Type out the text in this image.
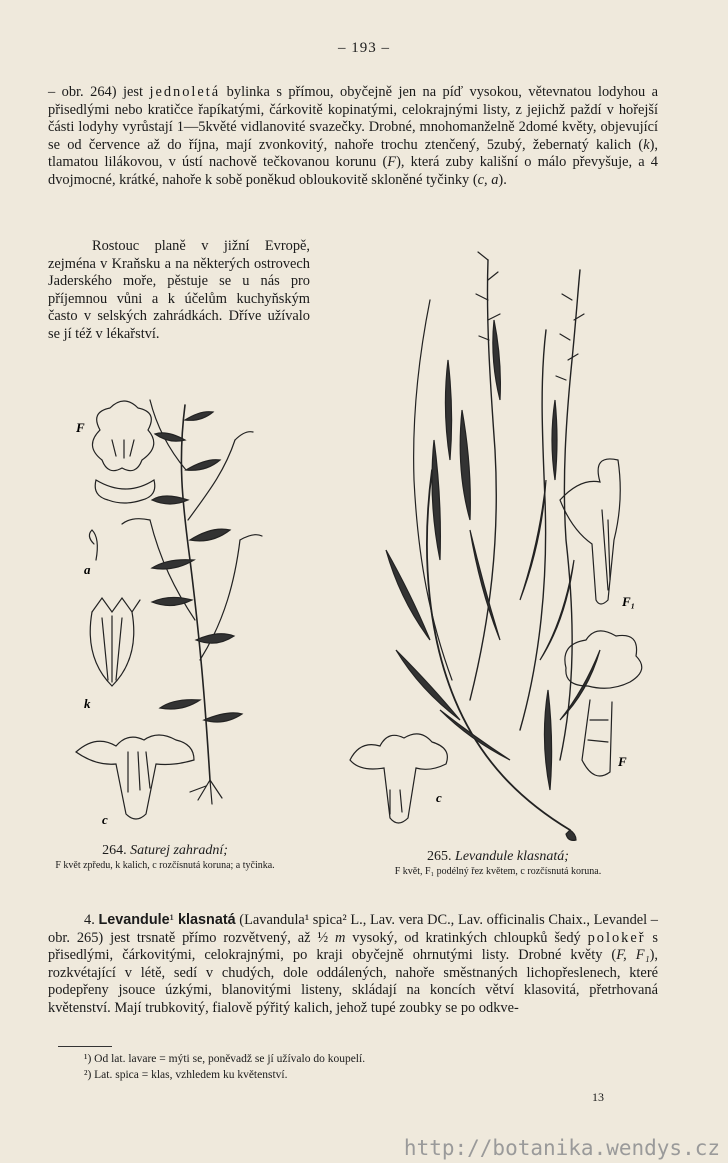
– 193 –
– obr. 264) jest jednoletá bylinka s přímou, obyčejně jen na píď vysokou, větevnatou lodyhou a přisedlými nebo kratičce řapíkatými, čárkovitě kopinatými, celokrajnými listy, z jejichž paždí v hořejší části lodyhy vyrůstají 1—5květé vidlanovité svazečky. Drobné, mnohomanželně 2domé květy, objevující se od července až do října, mají zvonkovitý, nahoře trochu ztenčený, 5zubý, žebernatý kalich (k), tlamatou lilákovou, v ústí nachově tečkovanou korunu (F), která zuby kališní o málo převyšuje, a 4 dvojmocné, krátké, nahoře k sobě poněkud obloukovitě skloněné tyčinky (c, a).
Rostouc planě v jižní Evropě, zejména v Kraňsku a na některých ostrovech Jaderského moře, pěstuje se u nás pro příjemnou vůni a k účelům kuchyňským často v selských zahrádkách. Dříve užívalo se jí též v lékařství.
F
a
k
c
F₁
F
c
264. Saturej zahradní;
F květ zpředu, k kalich, c rozčísnutá koruna; a tyčinka.
265. Levandule klasnatá;
F květ, F₁ podélný řez květem, c rozčísnutá koruna.
4. Levandule¹ klasnatá (Lavandula¹ spica² L., Lav. vera DC., Lav. officinalis Chaix., Levandel – obr. 265) jest trsnatě přímo rozvětvený, až ½ m vysoký, od kratinkých chloupků šedý polokeř s přisedlými, čárkovitými, celokrajnými, po kraji obyčejně ohrnutými listy. Drobné květy (F, F₁), rozkvétající v létě, sedí v chudých, dole oddálených, nahoře směstnaných lichopřeslenech, které podepřeny jsouce úzkými, blanovitými listeny, skládají na koncích větví klasovitá, přetrhovaná květenství. Mají trubkovitý, fialově pýřitý kalich, jehož tupé zoubky se po odkve-
¹) Od lat. lavare = mýti se, poněvadž se jí užívalo do koupelí.
²) Lat. spica = klas, vzhledem ku květenství.
13
http://botanika.wendys.cz
